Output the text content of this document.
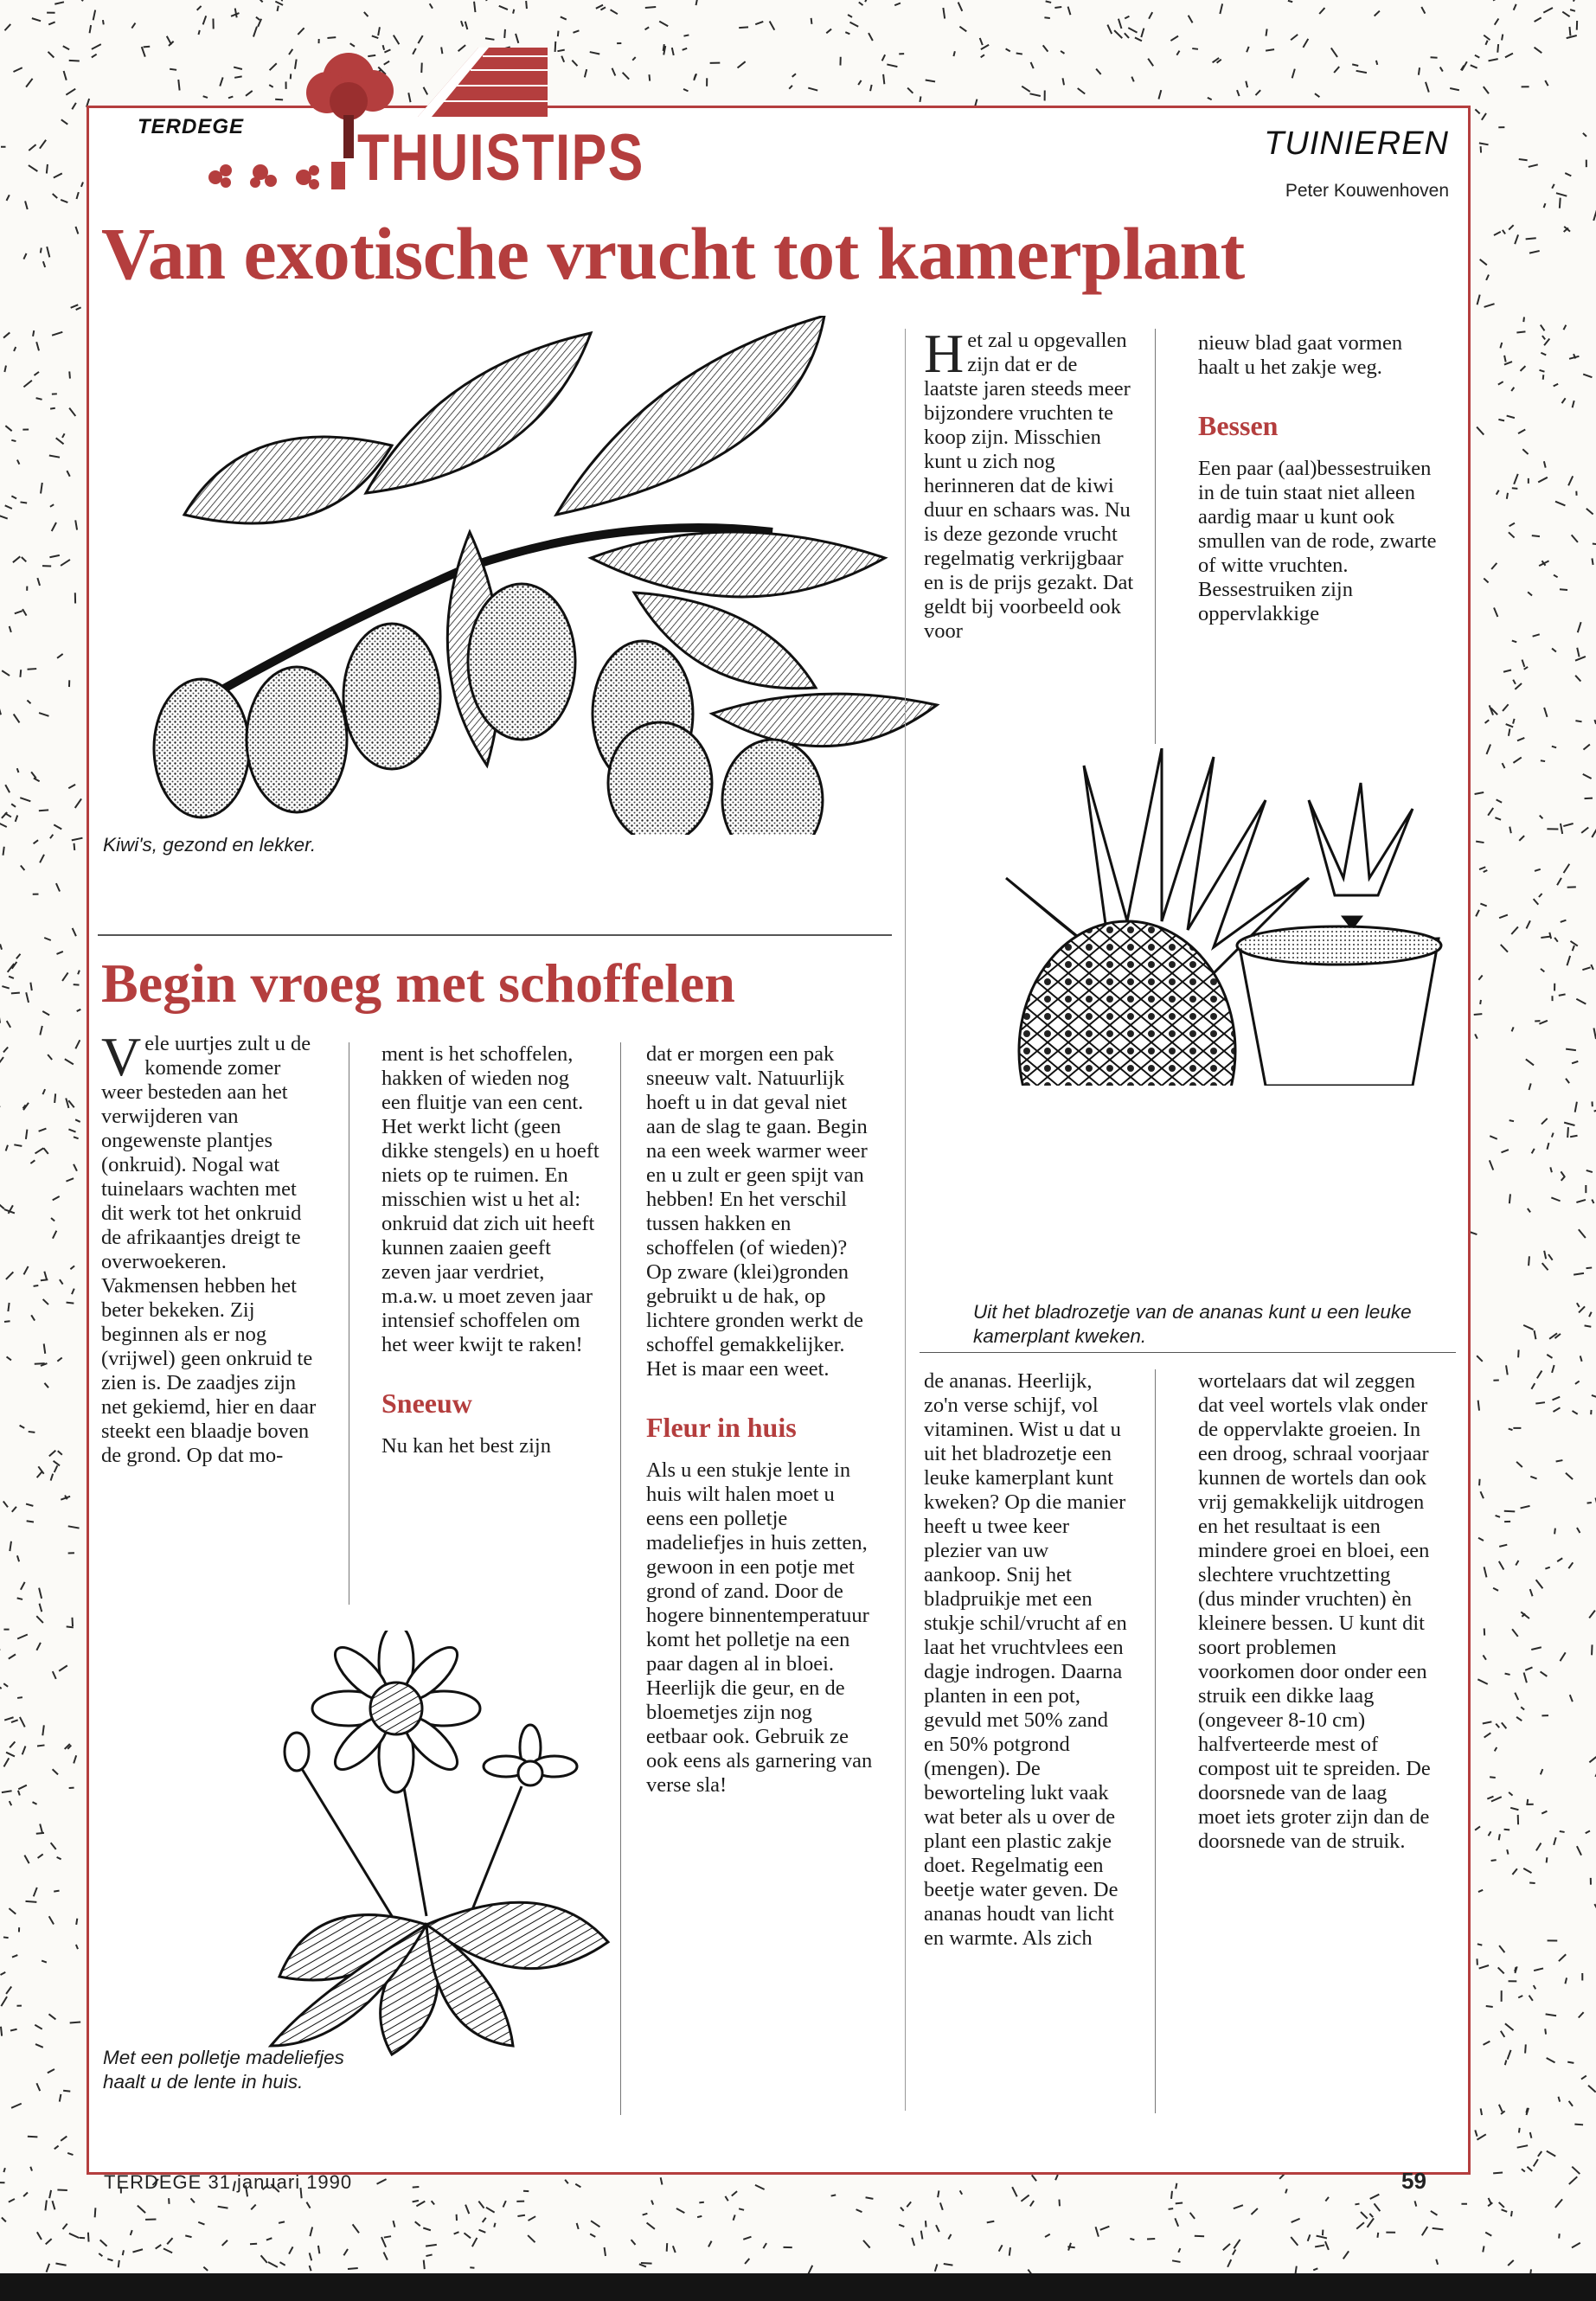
TERDEGE THUISTIPS	TUINIEREN
Peter Kouwenhoven
Van exotische vrucht tot kamerplant
Kiwi's, gezond en lekker.
Begin vroeg met schoffelen

Het zal u opgevallen zijn dat er de laatste jaren steeds meer bijzondere vruchten te koop zijn. Misschien kunt u zich nog herinneren dat de kiwi duur en schaars was. Nu is deze gezonde vrucht regelmatig verkrijgbaar en is de prijs gezakt. Dat geldt bij voorbeeld ook voor

nieuw blad gaat vormen haalt u het zakje weg.

Bessen

Een paar (aal)bessestruiken in de tuin staat niet alleen aardig maar u kunt ook smullen van de rode, zwarte of witte vruchten. Bessestruiken zijn oppervlakkige

Uit het bladrozetje van de ananas kunt u een leuke kamerplant kweken.

de ananas. Heerlijk, zo'n verse schijf, vol vitaminen. Wist u dat u uit het bladrozetje een leuke kamerplant kunt kweken? Op die manier heeft u twee keer plezier van uw aankoop. Snij het bladpruikje met een stukje schil/vrucht af en laat het vruchtvlees een dagje indrogen. Daarna planten in een pot, gevuld met 50% zand en 50% potgrond (mengen). De beworteling lukt vaak wat beter als u over de plant een plastic zakje doet. Regelmatig een beetje water geven. De ananas houdt van licht en warmte. Als zich

wortelaars dat wil zeggen dat veel wortels vlak onder de oppervlakte groeien. In een droog, schraal voorjaar kunnen de wortels dan ook vrij gemakkelijk uitdrogen en het resultaat is een mindere groei en bloei, een slechtere vruchtzetting (dus minder vruchten) èn kleinere bessen. U kunt dit soort problemen voorkomen door onder een struik een dikke laag (ongeveer 8-10 cm) halfverteerde mest of compost uit te spreiden. De doorsnede van de laag moet iets groter zijn dan de doorsnede van de struik.

Vele uurtjes zult u de komende zomer weer besteden aan het verwijderen van ongewenste plantjes (onkruid). Nogal wat tuinelaars wachten met dit werk tot het onkruid de afrikaantjes dreigt te overwoekeren. Vakmensen hebben het beter bekeken. Zij beginnen als er nog (vrijwel) geen onkruid te zien is. De zaadjes zijn net gekiemd, hier en daar steekt een blaadje boven de grond. Op dat mo-

ment is het schoffelen, hakken of wieden nog een fluitje van een cent. Het werkt licht (geen dikke stengels) en u hoeft niets op te ruimen. En misschien wist u het al: onkruid dat zich uit heeft kunnen zaaien geeft zeven jaar verdriet, m.a.w. u moet zeven jaar intensief schoffelen om het weer kwijt te raken!

Sneeuw

Nu kan het best zijn

dat er morgen een pak sneeuw valt. Natuurlijk hoeft u in dat geval niet aan de slag te gaan. Begin na een week warmer weer en u zult er geen spijt van hebben! En het verschil tussen hakken en schoffelen (of wieden)? Op zware (klei)gronden gebruikt u de hak, op lichtere gronden werkt de schoffel gemakkelijker. Het is maar een weet.

Fleur in huis

Als u een stukje lente in huis wilt halen moet u eens een polletje madeliefjes in huis zetten, gewoon in een potje met grond of zand. Door de hogere binnentemperatuur komt het polletje na een paar dagen al in bloei. Heerlijk die geur, en de bloemetjes zijn nog eetbaar ook. Gebruik ze ook eens als garnering van verse sla!

Met een polletje madeliefjes haalt u de lente in huis.
TERDEGE 31 januari 1990	59
